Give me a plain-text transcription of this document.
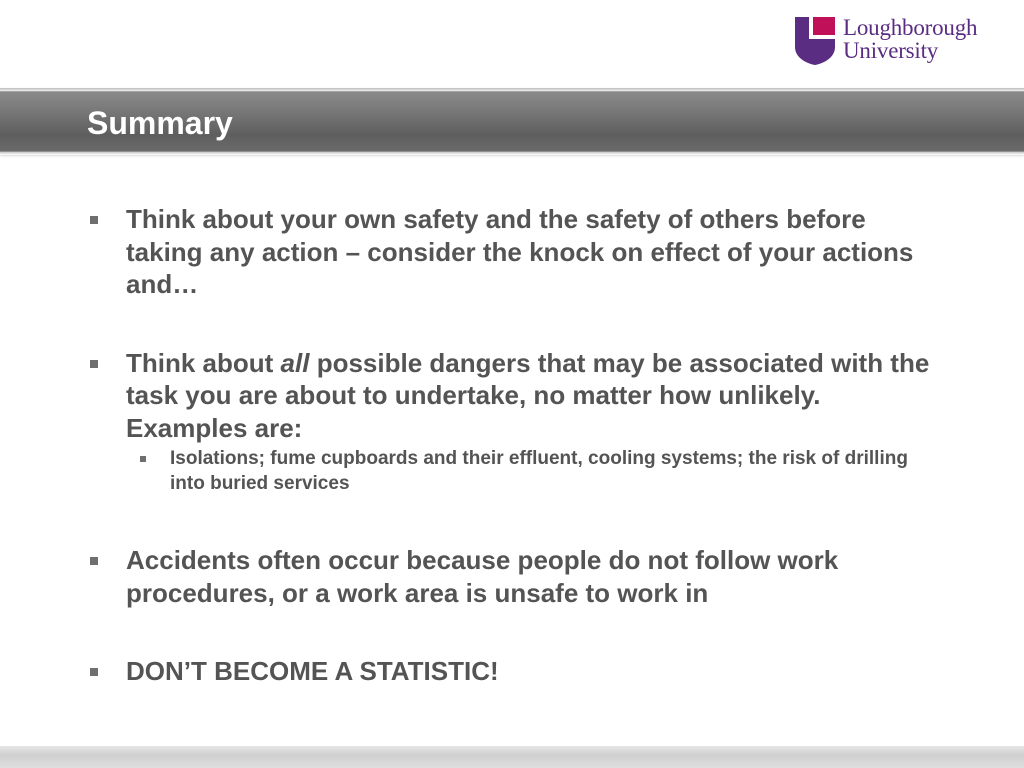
Loughborough
University
Summary
Think about your own safety and the safety of others before taking any action – consider the knock on effect of your actions and…
Think about all possible dangers that may be associated with the task you are about to undertake, no matter how unlikely. Examples are:
Isolations; fume cupboards and their effluent, cooling systems; the risk of drilling into buried services
Accidents often occur because people do not follow work procedures, or a work area is unsafe to work in
DON’T BECOME A STATISTIC!
